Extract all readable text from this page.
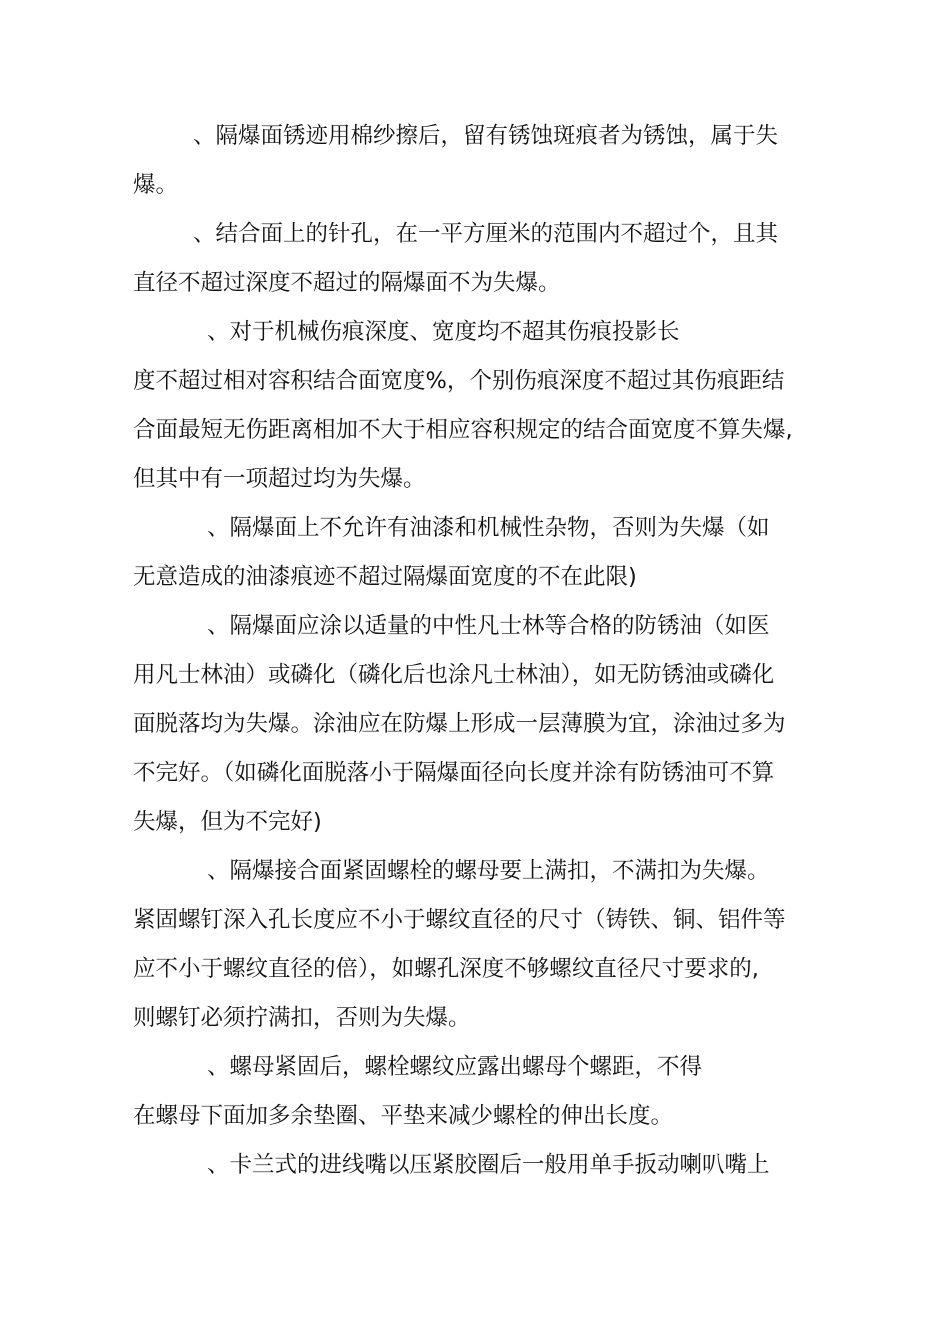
、隔爆面锈迹用棉纱擦后，留有锈蚀斑痕者为锈蚀，属于失
爆。
、结合面上的针孔，在一平方厘米的范围内不超过个，且其
直径不超过深度不超过的隔爆面不为失爆。
、对于机械伤痕深度、宽度均不超其伤痕投影长
度不超过相对容积结合面宽度%，个别伤痕深度不超过其伤痕距结
合面最短无伤距离相加不大于相应容积规定的结合面宽度不算失爆,
但其中有一项超过均为失爆。
、隔爆面上不允许有油漆和机械性杂物，否则为失爆（如
无意造成的油漆痕迹不超过隔爆面宽度的不在此限)
、隔爆面应涂以适量的中性凡士林等合格的防锈油（如医
用凡士林油）或磷化（磷化后也涂凡士林油），如无防锈油或磷化
面脱落均为失爆。涂油应在防爆上形成一层薄膜为宜，涂油过多为
不完好。（如磷化面脱落小于隔爆面径向长度并涂有防锈油可不算
失爆，但为不完好)
、隔爆接合面紧固螺栓的螺母要上满扣，不满扣为失爆。
紧固螺钉深入孔长度应不小于螺纹直径的尺寸（铸铁、铜、铝件等
应不小于螺纹直径的倍），如螺孔深度不够螺纹直径尺寸要求的,
则螺钉必须拧满扣，否则为失爆。
、螺母紧固后，螺栓螺纹应露出螺母个螺距，不得
在螺母下面加多余垫圈、平垫来减少螺栓的伸出长度。
、卡兰式的进线嘴以压紧胶圈后一般用单手扳动喇叭嘴上
